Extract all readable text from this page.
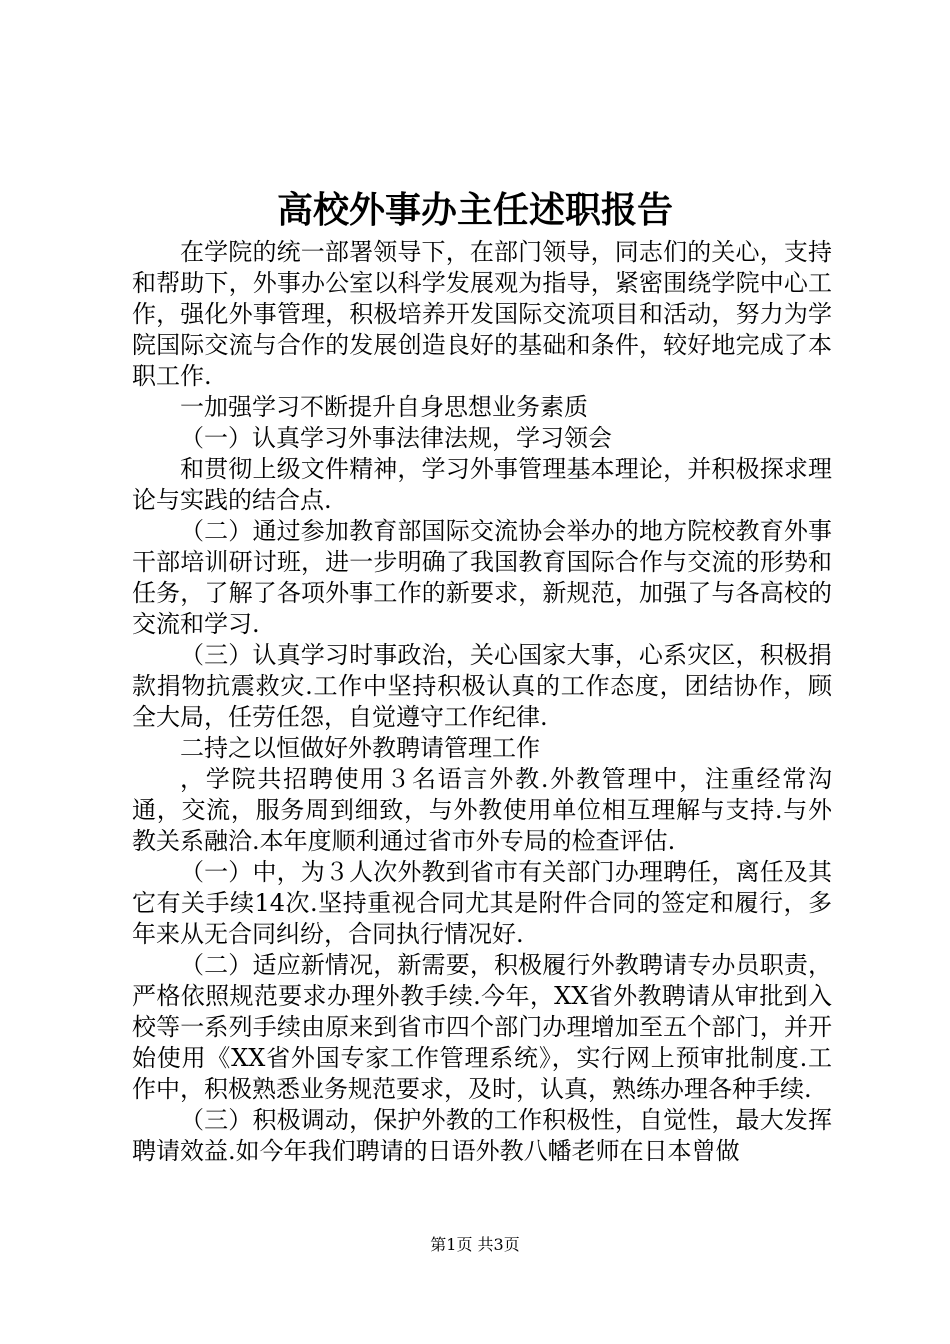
高校外事办主任述职报告

在学院的统一部署领导下，在部门领导，同志们的关心，支持和帮助下，外事办公室以科学发展观为指导，紧密围绕学院中心工作，强化外事管理，积极培养开发国际交流项目和活动，努力为学院国际交流与合作的发展创造良好的基础和条件，较好地完成了本职工作.

一加强学习不断提升自身思想业务素质

（一）认真学习外事法律法规，学习领会

和贯彻上级文件精神，学习外事管理基本理论，并积极探求理论与实践的结合点.

（二）通过参加教育部国际交流协会举办的地方院校教育外事干部培训研讨班，进一步明确了我国教育国际合作与交流的形势和任务，了解了各项外事工作的新要求，新规范，加强了与各高校的交流和学习.

（三）认真学习时事政治，关心国家大事，心系灾区，积极捐款捐物抗震救灾.工作中坚持积极认真的工作态度，团结协作，顾全大局，任劳任怨，自觉遵守工作纪律.

二持之以恒做好外教聘请管理工作

，学院共招聘使用３名语言外教.外教管理中，注重经常沟通，交流，服务周到细致，与外教使用单位相互理解与支持.与外教关系融洽.本年度顺利通过省市外专局的检查评估.

（一）中，为３人次外教到省市有关部门办理聘任，离任及其它有关手续14次.坚持重视合同尤其是附件合同的签定和履行，多年来从无合同纠纷，合同执行情况好.

（二）适应新情况，新需要，积极履行外教聘请专办员职责，严格依照规范要求办理外教手续.今年，XX省外教聘请从审批到入校等一系列手续由原来到省市四个部门办理增加至五个部门，并开始使用《XX省外国专家工作管理系统》，实行网上预审批制度.工作中，积极熟悉业务规范要求，及时，认真，熟练办理各种手续.

（三）积极调动，保护外教的工作积极性，自觉性，最大发挥聘请效益.如今年我们聘请的日语外教八幡老师在日本曾做

第1页 共3页
